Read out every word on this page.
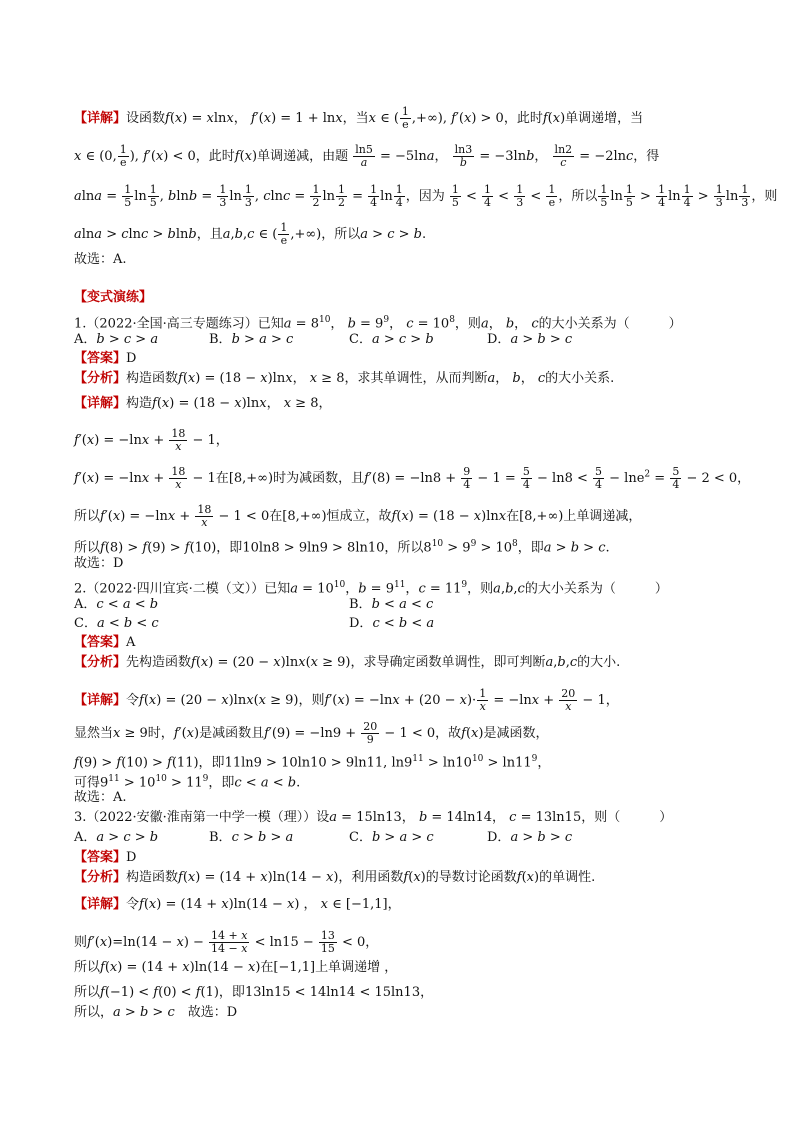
【详解】设函数f(x) = xlnx， f′(x) = 1 + lnx，当x ∈ ( $\frac{1}{e}$ ,+∞), f′(x) > 0，此时f(x)单调递增，当
x ∈ (0, $\frac{1}{e}$ ), f′(x) < 0，此时f(x)单调递减，由题 $\frac{\ln 5}{a} = -5\ln a$， $\frac{\ln 3}{b} = -3\ln b$， $\frac{\ln 2}{c} = -2\ln c$，得
$alna = \frac{1}{5}$ $\ln \frac{1}{5}$ , $blnb = \frac{1}{3}$ $\ln \frac{1}{3}$ , $clnc = \frac{1}{2}$ $\ln \frac{1}{2} = \frac{1}{4}$ $\ln \frac{1}{4}$ ，因为 $\frac{1}{5} < \frac{1}{4} < \frac{1}{3} < \frac{1}{e}$ ，所以 $\frac{1}{5}$ $\ln \frac{1}{5} > \frac{1}{4}$ $\ln \frac{1}{4} > \frac{1}{3}$ $\ln \frac{1}{3}$ ，则
alna > clnc > blnb，且a,b,c ∈ ( $\frac{1}{e}$ ,+∞)，所以a > c > b.
故选：A.
【变式演练】
1.（2022·全国·高三专题练习）已知$a = 8^{10}$， $b = 9^9$， $c = 10^8$，则a， b， c的大小关系为（　　　）
A．b > c > a	B．b > a > c	C．a > c > b	D．a > b > c
【答案】D
【分析】构造函数f(x) = (18 − x)lnx， x ≥ 8，求其单调性，从而判断a， b， c的大小关系.
【详解】构造f(x) = (18 − x)lnx， x ≥ 8，
$f'(x) = -\ln x + \frac{18}{x} - 1$，
$f'(x) = -\ln x + \frac{18}{x} - 1$在[8,+∞)时为减函数，且$f'(8) = -\ln 8 + \frac{9}{4} - 1 = \frac{5}{4} - \ln 8 < \frac{5}{4} - \ln e^2 = \frac{5}{4} - 2 < 0$，
所以$f'(x) = -\ln x + \frac{18}{x} - 1 < 0$在[8,+∞)恒成立，故f(x) = (18 − x)lnx在[8,+∞)上单调递减，
所以f(8) > f(9) > f(10)，即10ln8 > 9ln9 > 8ln10，所以$8^{10} > 9^9 > 10^8$，即a > b > c.
故选：D
2.（2022·四川宜宾·二模（文））已知$a = 10^{10}$，$b = 9^{11}$，$c = 11^9$，则a,b,c的大小关系为（　　　）
A．c < a < b	B．b < a < c
C．a < b < c	D．c < b < a
【答案】A
【分析】先构造函数f(x) = (20 − x)lnx(x ≥ 9)，求导确定函数单调性，即可判断a,b,c的大小.
【详解】令f(x) = (20 − x)lnx(x ≥ 9)，则$f'(x) = -\ln x + (20 - x)\cdot \frac{1}{x} = -\ln x + \frac{20}{x} - 1$，
显然当x ≥ 9时，f′(x)是减函数且$f'(9) = -\ln 9 + \frac{20}{9} - 1 < 0$，故f(x)是减函数，
f(9) > f(10) > f(11)，即11ln9 > 10ln10 > 9ln11, $\ln 9^{11} > \ln 10^{10} > \ln 11^9$，
可得$9^{11} > 10^{10} > 11^9$，即c < a < b.
故选：A.
3.（2022·安徽·淮南第一中学一模（理））设a = 15ln13， b = 14ln14， c = 13ln15，则（　　　）
A．a > c > b	B．c > b > a	C．b > a > c	D．a > b > c
【答案】D
【分析】构造函数f(x) = (14 + x)ln(14 − x)，利用函数f(x)的导数讨论函数f(x)的单调性.
【详解】令f(x) = (14 + x)ln(14 − x) ， x ∈ [−1,1]，
则$f'(x)=\ln(14 - x) - \frac{14 + x}{14 - x} < \ln 15 - \frac{13}{15} < 0$，
所以f(x) = (14 + x)ln(14 − x)在[−1,1]上单调递增 ，
所以f(−1) < f(0) < f(1)，即13ln15 < 14ln14 < 15ln13，
所以，a > b > c　 故选：D
